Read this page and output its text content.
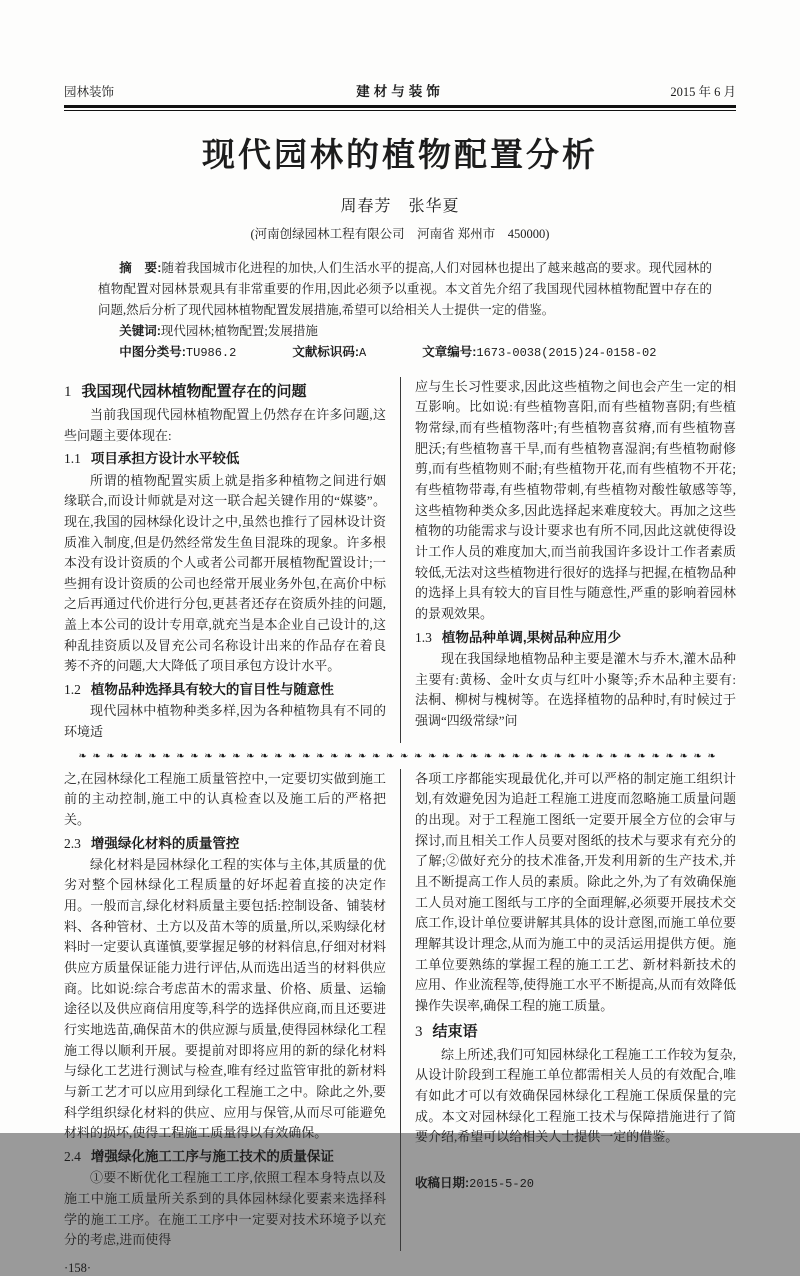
园林装饰	建材与装饰	2015 年 6 月
现代园林的植物配置分析
周春芳　张华夏
(河南创绿园林工程有限公司　河南省 郑州市　450000)

摘　要:随着我国城市化进程的加快,人们生活水平的提高,人们对园林也提出了越来越高的要求。现代园林的植物配置对园林景观具有非常重要的作用,因此必须予以重视。本文首先介绍了我国现代园林植物配置中存在的问题,然后分析了现代园林植物配置发展措施,希望可以给相关人士提供一定的借鉴。

关键词:现代园林;植物配置;发展措施

中图分类号:TU986.2	文献标识码:A	文章编号:1673-0038(2015)24-0158-02

1 我国现代园林植物配置存在的问题

当前我国现代园林植物配置上仍然存在许多问题,这些问题主要体现在:

1.1 项目承担方设计水平较低

所谓的植物配置实质上就是指多种植物之间进行姻缘联合,而设计师就是对这一联合起关键作用的“媒婆”。现在,我国的园林绿化设计之中,虽然也推行了园林设计资质准入制度,但是仍然经常发生鱼目混珠的现象。许多根本没有设计资质的个人或者公司都开展植物配置设计;一些拥有设计资质的公司也经常开展业务外包,在高价中标之后再通过代价进行分包,更甚者还存在资质外挂的问题,盖上本公司的设计专用章,就充当是本企业自己设计的,这种乱挂资质以及冒充公司名称设计出来的作品存在着良莠不齐的问题,大大降低了项目承包方设计水平。

1.2 植物品种选择具有较大的盲目性与随意性

现代园林中植物种类多样,因为各种植物具有不同的环境适

应与生长习性要求,因此这些植物之间也会产生一定的相互影响。比如说:有些植物喜阳,而有些植物喜阴;有些植物常绿,而有些植物落叶;有些植物喜贫瘠,而有些植物喜肥沃;有些植物喜干旱,而有些植物喜湿润;有些植物耐修剪,而有些植物则不耐;有些植物开花,而有些植物不开花;有些植物带毒,有些植物带刺,有些植物对酸性敏感等等,这些植物种类众多,因此选择起来难度较大。再加之这些植物的功能需求与设计要求也有所不同,因此这就使得设计工作人员的难度加大,而当前我国许多设计工作者素质较低,无法对这些植物进行很好的选择与把握,在植物品种的选择上具有较大的盲目性与随意性,严重的影响着园林的景观效果。

1.3 植物品种单调,果树品种应用少

现在我国绿地植物品种主要是灌木与乔木,灌木品种主要有:黄杨、金叶女贞与红叶小聚等;乔木品种主要有:法桐、柳树与槐树等。在选择植物的品种时,有时候过于强调“四级常绿”问

❧❧❧❧❧❧❧❧❧❧❧❧❧❧❧❧❧❧❧❧❧❧❧❧❧❧❧❧❧❧❧❧❧❧❧❧❧❧❧❧❧❧❧❧❧❧

之,在园林绿化工程施工质量管控中,一定要切实做到施工前的主动控制,施工中的认真检查以及施工后的严格把关。

2.3 增强绿化材料的质量管控

绿化材料是园林绿化工程的实体与主体,其质量的优劣对整个园林绿化工程质量的好坏起着直接的决定作用。一般而言,绿化材料质量主要包括:控制设备、铺装材料、各种管材、土方以及苗木等的质量,所以,采购绿化材料时一定要认真谨慎,要掌握足够的材料信息,仔细对材料供应方质量保证能力进行评估,从而选出适当的材料供应商。比如说:综合考虑苗木的需求量、价格、质量、运输途径以及供应商信用度等,科学的选择供应商,而且还要进行实地选苗,确保苗木的供应源与质量,使得园林绿化工程施工得以顺利开展。要提前对即将应用的新的绿化材料与绿化工艺进行测试与检查,唯有经过监管审批的新材料与新工艺才可以应用到绿化工程施工之中。除此之外,要科学组织绿化材料的供应、应用与保管,从而尽可能避免材料的损坏,使得工程施工质量得以有效确保。

2.4 增强绿化施工工序与施工技术的质量保证

①要不断优化工程施工工序,依照工程本身特点以及施工中施工质量所关系到的具体园林绿化要素来选择科学的施工工序。在施工工序中一定要对技术环境予以充分的考虑,进而使得

各项工序都能实现最优化,并可以严格的制定施工组织计划,有效避免因为追赶工程施工进度而忽略施工质量问题的出现。对于工程施工图纸一定要开展全方位的会审与探讨,而且相关工作人员要对图纸的技术与要求有充分的了解;②做好充分的技术准备,开发利用新的生产技术,并且不断提高工作人员的素质。除此之外,为了有效确保施工人员对施工图纸与工序的全面理解,必须要开展技术交底工作,设计单位要讲解其具体的设计意图,而施工单位要理解其设计理念,从而为施工中的灵活运用提供方便。施工单位要熟练的掌握工程的施工工艺、新材料新技术的应用、作业流程等,使得施工水平不断提高,从而有效降低操作失误率,确保工程的施工质量。

3 结束语

综上所述,我们可知园林绿化工程施工工作较为复杂,从设计阶段到工程施工单位都需相关人员的有效配合,唯有如此才可以有效确保园林绿化工程施工保质保量的完成。本文对园林绿化工程施工技术与保障措施进行了简要介绍,希望可以给相关人士提供一定的借鉴。

收稿日期:2015-5-20
·158·
